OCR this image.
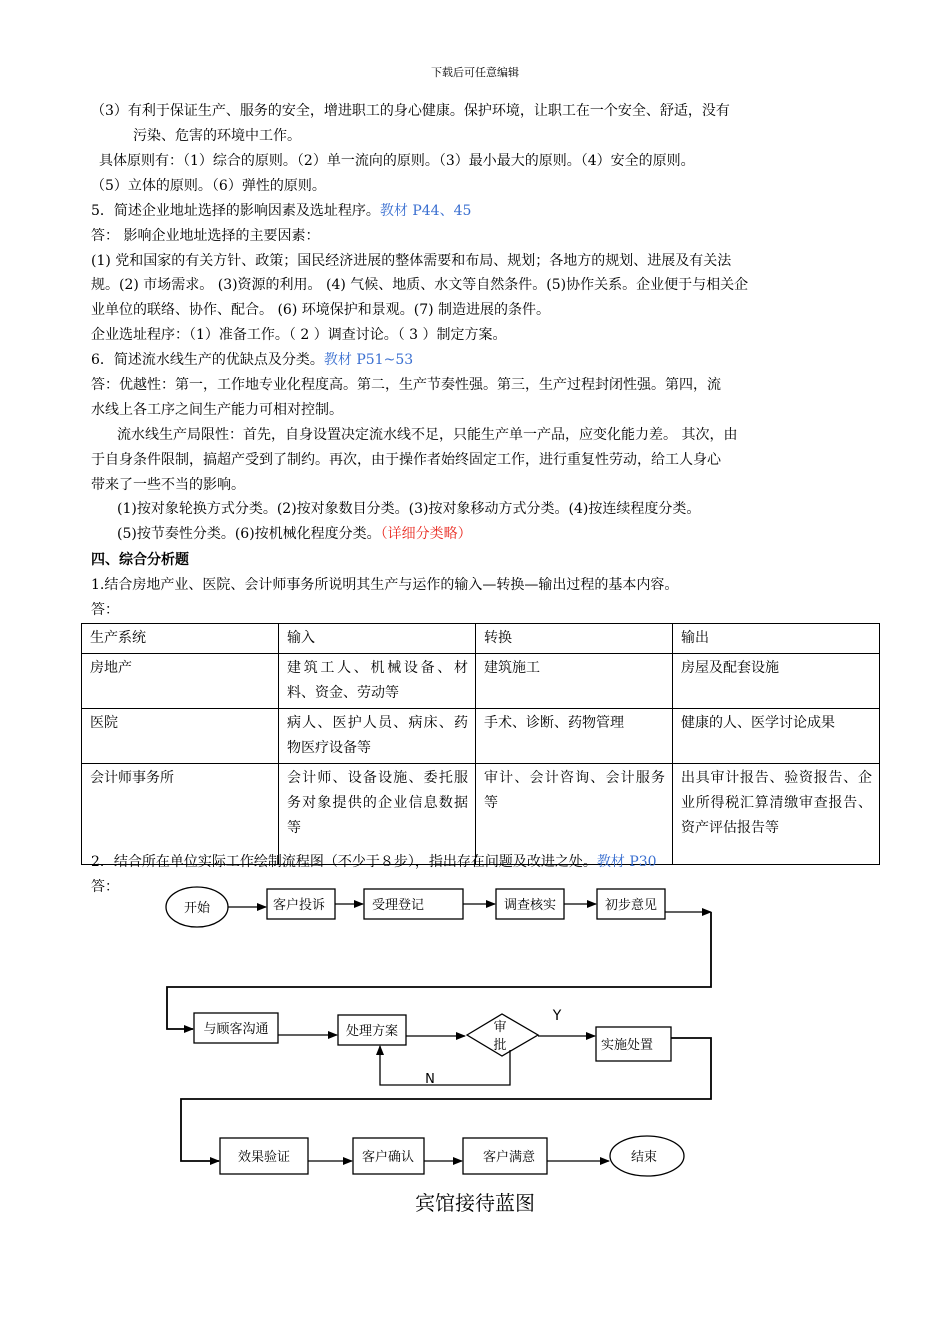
下载后可任意编辑
（3）有利于保证生产、服务的安全，增进职工的身心健康。保护环境，让职工在一个安全、舒适，没有
污染、危害的环境中工作。
具体原则有：（1）综合的原则。（2）单一流向的原则。（3）最小最大的原则。（4）安全的原则。
（5）立体的原则。（6）弹性的原则。
5．简述企业地址选择的影响因素及选址程序。教材 P44、45
答： 影响企业地址选择的主要因素：
(1) 党和国家的有关方针、政策；国民经济进展的整体需要和布局、规划；各地方的规划、进展及有关法
规。(2) 市场需求。 (3)资源的利用。 (4) 气候、地质、水文等自然条件。(5)协作关系。企业便于与相关企
业单位的联络、协作、配合。 (6) 环境保护和景观。(7) 制造进展的条件。
企业选址程序：（1）准备工作。（ 2 ）调查讨论。（ 3 ）制定方案。
6．简述流水线生产的优缺点及分类。教材 P51~53
答：优越性：第一，工作地专业化程度高。第二，生产节奏性强。第三，生产过程封闭性强。第四，流
水线上各工序之间生产能力可相对控制。
流水线生产局限性：首先，自身设置决定流水线不足，只能生产单一产品，应变化能力差。 其次，由
于自身条件限制，搞超产受到了制约。再次，由于操作者始终固定工作，进行重复性劳动，给工人身心
带来了一些不当的影响。
(1)按对象轮换方式分类。(2)按对象数目分类。(3)按对象移动方式分类。(4)按连续程度分类。
(5)按节奏性分类。(6)按机械化程度分类。（详细分类略）
四、综合分析题
1.结合房地产业、医院、会计师事务所说明其生产与运作的输入—转换—输出过程的基本内容。
答：
生产系统	输入	转换	输出
房地产	建筑工人、机械设备、材料、资金、劳动等	建筑施工	房屋及配套设施
医院	病人、医护人员、病床、药物医疗设备等	手术、诊断、药物管理	健康的人、医学讨论成果
会计师事务所	会计师、设备设施、委托服务对象提供的企业信息数据等	审计、会计咨询、会计服务等	出具审计报告、验资报告、企业所得税汇算清缴审查报告、资产评估报告等
2．结合所在单位实际工作绘制流程图（不少于８步），指出存在问题及改进之处。教材 P30
答：
开始	客户投诉	受理登记	调查核实	初步意见
与顾客沟通	处理方案	审
批
Y
N
实施处置
效果验证	客户确认	客户满意	结束
宾馆接待蓝图
